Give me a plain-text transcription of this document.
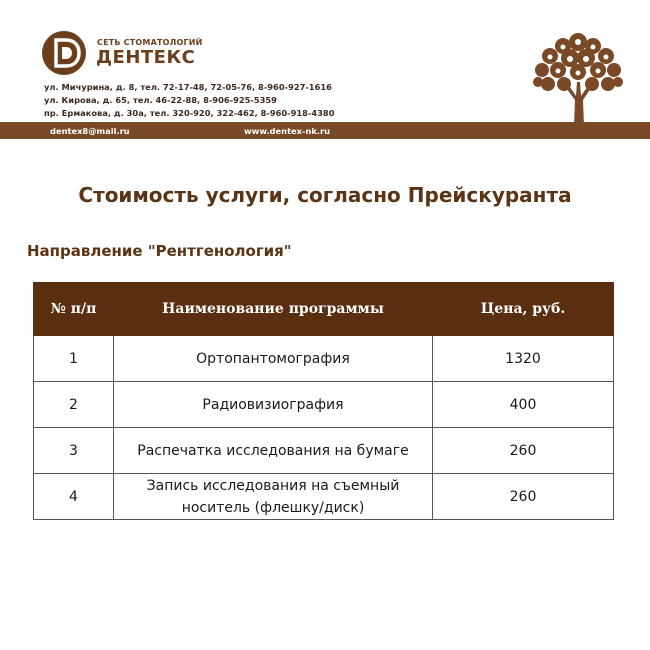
СЕТЬ СТОМАТОЛОГИЙ
ДЕНТЕКС
ул. Мичурина, д. 8, тел. 72-17-48, 72-05-76, 8-960-927-1616
ул. Кирова, д. 65, тел. 46-22-88, 8-906-925-5359
пр. Ермакова, д. 30а, тел. 320-920, 322-462, 8-960-918-4380
dentex8@mail.ru	www.dentex-nk.ru
Стоимость услуги, согласно Прейскуранта
Направление "Рентгенология"
№ п/п	Наименование программы	Цена, руб.
1	Ортопантомография	1320
2	Радиовизиография	400
3	Распечатка исследования на бумаге	260
4	Запись исследования на съемный носитель (флешку/диск)	260
